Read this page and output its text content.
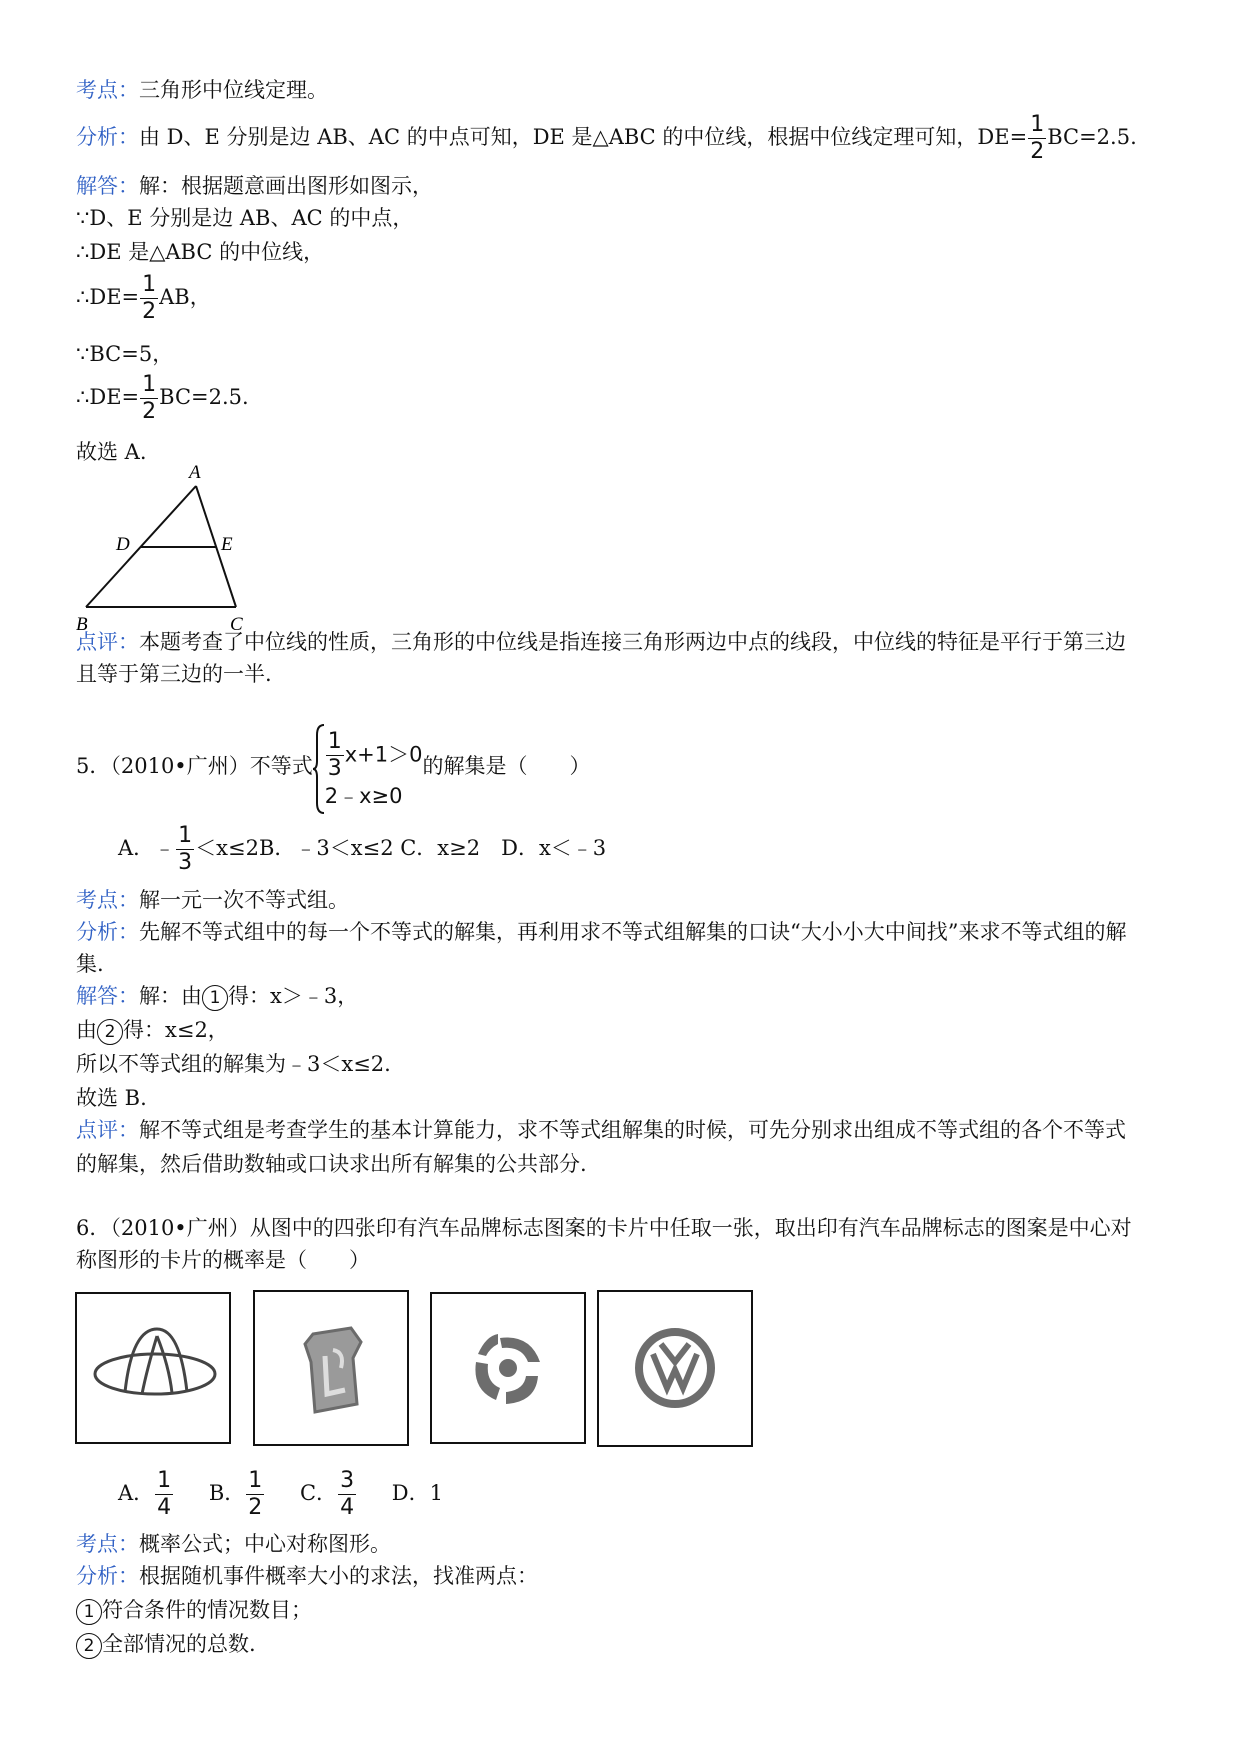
考点：三角形中位线定理。
分析：由 D、E 分别是边 AB、AC 的中点可知，DE 是△ABC 的中位线，根据中位线定理可知，$DE= \frac{1}{2} BC=2.5$.
解答：解：根据题意画出图形如图示，
∵D、E 分别是边 AB、AC 的中点，
∴DE 是△ABC 的中位线，
∴DE= $\frac{1}{2}$ AB，
∵BC=5，
∴DE= $\frac{1}{2} BC=2.5$.
故选 A.
A
D	E
B	C
点评：本题考查了中位线的性质，三角形的中位线是指连接三角形两边中点的线段，中位线的特征是平行于第三边
且等于第三边的一半.
5．（2010•广州）不等式 $\frac{1}{3} x+1>0$
2﹣x≥0
的解集是（　　）
A．﹣ $\frac{1}{3} <x\le 2B$．﹣3＜x≤2 C．x≥2　D．x＜﹣3
考点：解一元一次不等式组。
分析：先解不等式组中的每一个不等式的解集，再利用求不等式组解集的口诀“大小小大中间找”来求不等式组的解
集.
解答：解：由 1 得：x＞﹣3，
由 2 得：x≤2，
所以不等式组的解集为﹣3＜x≤2.
故选 B.
点评：解不等式组是考查学生的基本计算能力，求不等式组解集的时候，可先分别求出组成不等式组的各个不等式
的解集，然后借助数轴或口诀求出所有解集的公共部分.
6．（2010•广州）从图中的四张印有汽车品牌标志图案的卡片中任取一张，取出印有汽车品牌标志的图案是中心对
称图形的卡片的概率是（　　）
A． $\frac{1}{4}$ B． $\frac{1}{2}$ C． $\frac{3}{4}$ D．1
考点：概率公式；中心对称图形。
分析：根据随机事件概率大小的求法，找准两点：
1 符合条件的情况数目；
2 全部情况的总数.
